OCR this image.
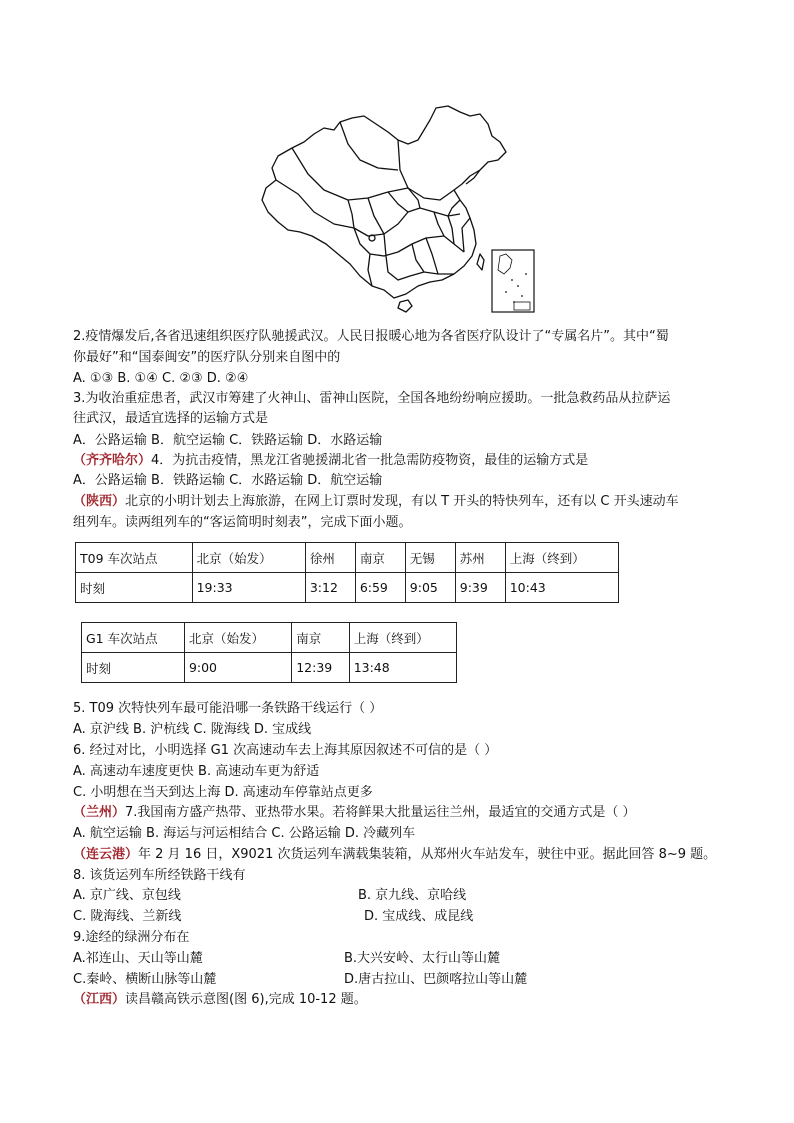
2.疫情爆发后,各省迅速组织医疗队驰援武汉。人民日报暖心地为各省医疗队设计了“专属名片”。其中“蜀
你最好”和“国泰闽安”的医疗队分别来自图中的
A. ①③ B. ①④ C. ②③ D. ②④
3.为收治重症患者，武汉市筹建了火神山、雷神山医院，全国各地纷纷响应援助。一批急救药品从拉萨运
往武汉，最适宜选择的运输方式是
A．公路运输 B．航空运输 C．铁路运输 D．水路运输
（齐齐哈尔）4．为抗击疫情，黑龙江省驰援湖北省一批急需防疫物资，最佳的运输方式是
A．公路运输 B．铁路运输 C．水路运输 D．航空运输
（陕西）北京的小明计划去上海旅游，在网上订票时发现，有以 T 开头的特快列车，还有以 C 开头速动车
组列车。读两组列车的“客运简明时刻表”，完成下面小题。
T09 车次站点	北京（始发）	徐州	南京	无锡	苏州	上海（终到）
时刻	19:33	3:12	6:59	9:05	9:39	10:43
G1 车次站点	北京（始发）	南京	上海（终到）
时刻	9:00	12:39	13:48
5. T09 次特快列车最可能沿哪一条铁路干线运行（ ）
A. 京沪线 B. 沪杭线 C. 陇海线 D. 宝成线
6. 经过对比，小明选择 G1 次高速动车去上海其原因叙述不可信的是（ ）
A. 高速动车速度更快 B. 高速动车更为舒适
C. 小明想在当天到达上海 D. 高速动车停靠站点更多
（兰州）7.我国南方盛产热带、亚热带水果。若将鲜果大批量运往兰州，最适宜的交通方式是（ ）
A. 航空运输 B. 海运与河运相结合 C. 公路运输 D. 冷藏列车
（连云港）年 2 月 16 日，X9021 次货运列车满载集装箱，从郑州火车站发车，驶往中亚。据此回答 8~9 题。
8. 该货运列车所经铁路干线有
A. 京广线、京包线	B. 京九线、京哈线
C. 陇海线、兰新线	D. 宝成线、成昆线
9.途经的绿洲分布在
A.祁连山、天山等山麓	B.大兴安岭、太行山等山麓
C.秦岭、横断山脉等山麓	D.唐古拉山、巴颜喀拉山等山麓
（江西）读昌赣高铁示意图(图 6),完成 10-12 题。
